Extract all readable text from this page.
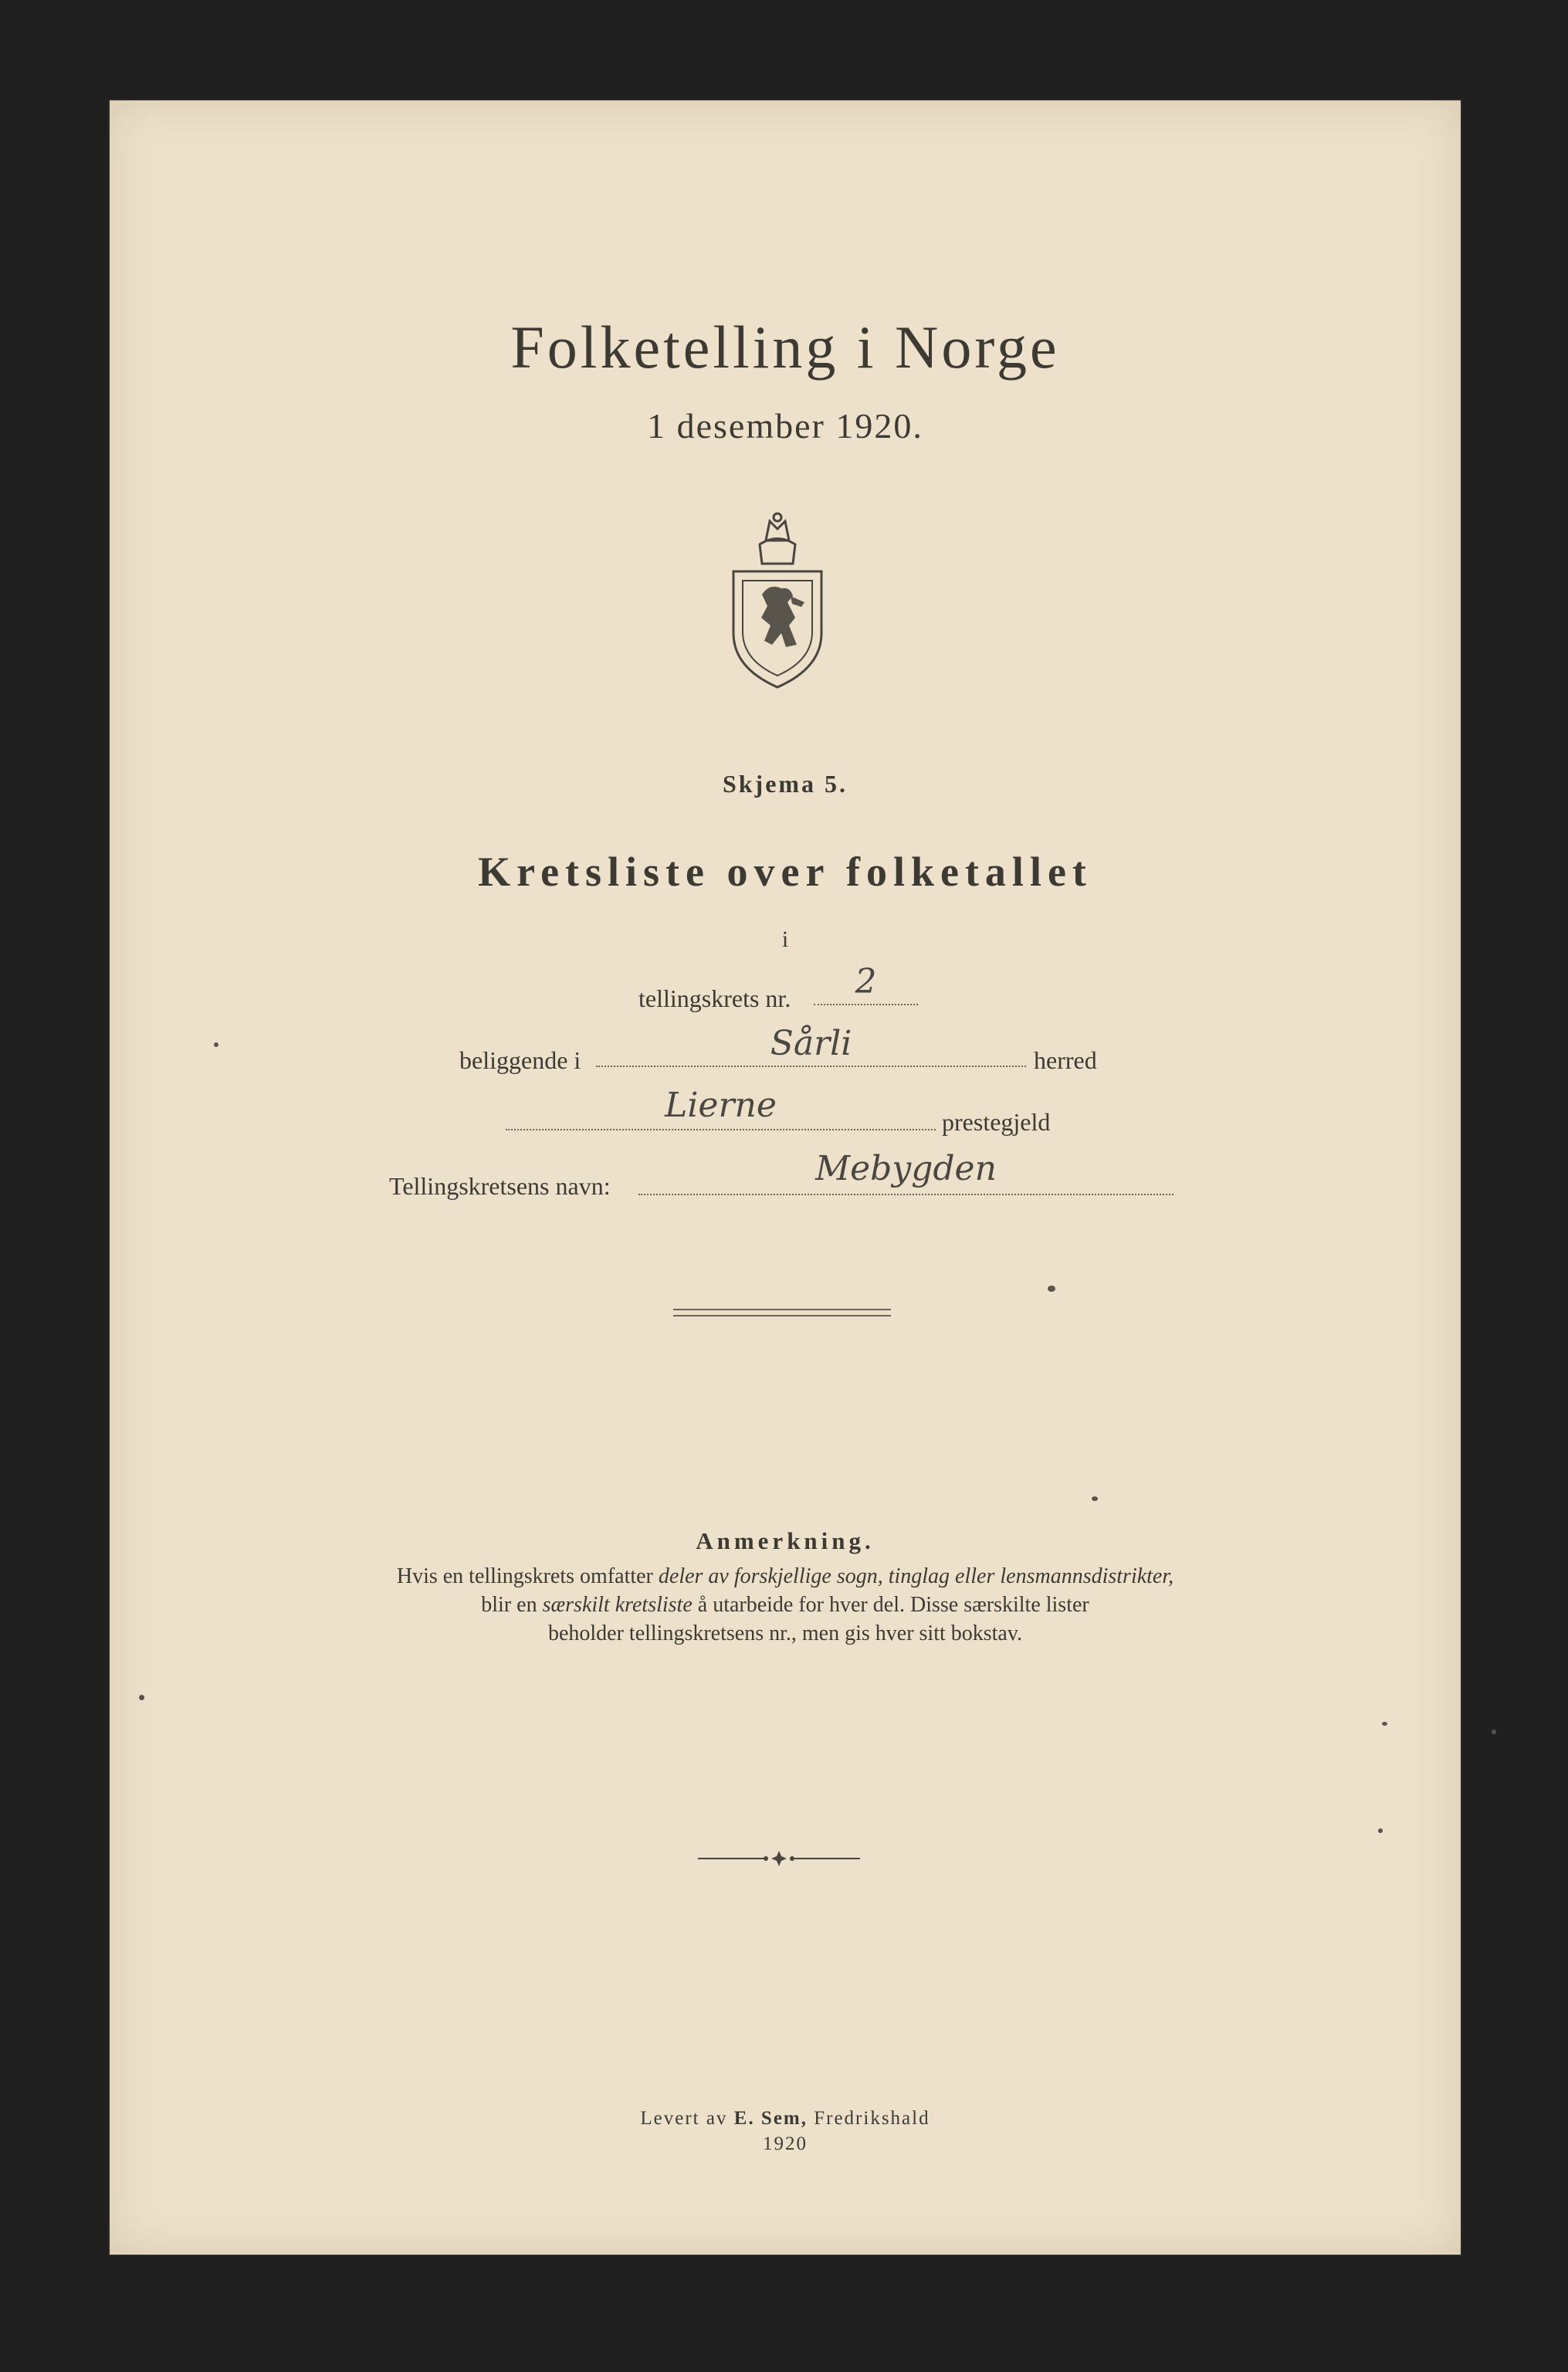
Folketelling i Norge
1 desember 1920.
Skjema 5.
Kretsliste over folketallet
i
tellingskrets nr.	2
beliggende i	Sårli	herred
Lierne	prestegjeld
Tellingskretsens navn:	Mebygden
Anmerkning.
Hvis en tellingskrets omfatter deler av forskjellige sogn, tinglag eller lensmannsdistrikter,
blir en særskilt kretsliste å utarbeide for hver del. Disse særskilte lister
beholder tellingskretsens nr., men gis hver sitt bokstav.
Levert av E. Sem, Fredrikshald
1920
